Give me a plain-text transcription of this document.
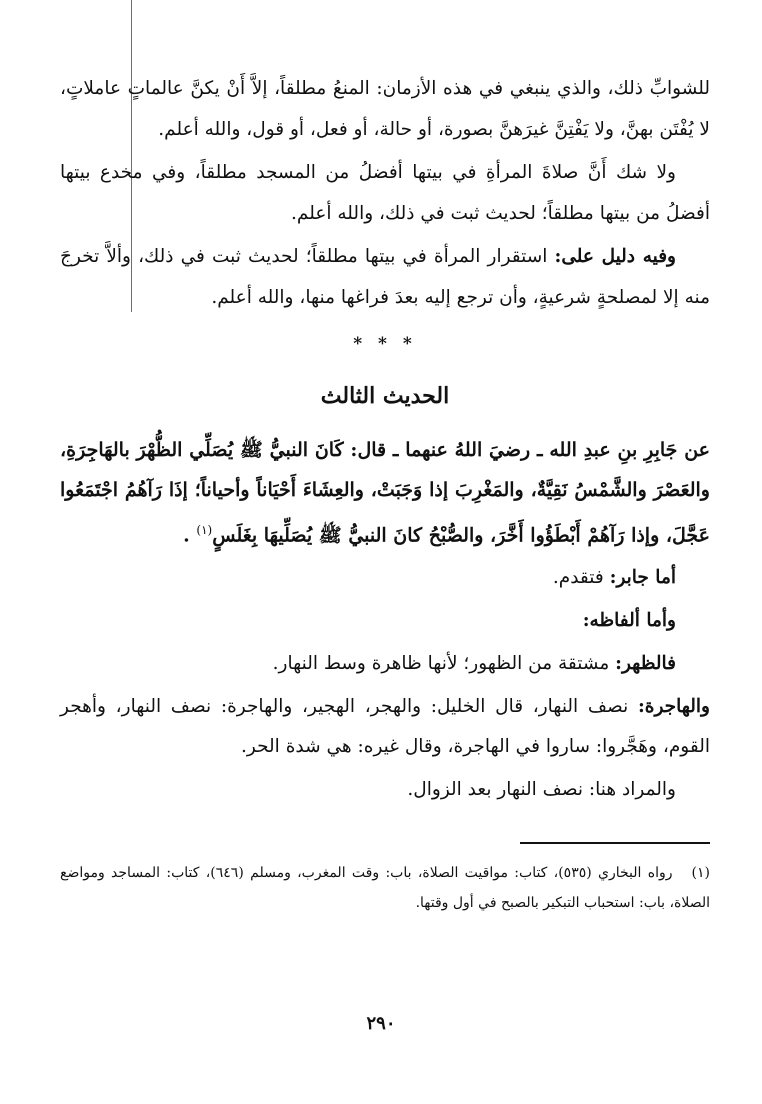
للشوابِّ ذلك، والذي ينبغي في هذه الأزمان: المنعُ مطلقاً، إلاَّ أَنْ يكنَّ عالماتٍ عاملاتٍ، لا يُفْتَن بهنَّ، ولا يَفْتِنَّ غيرَهنَّ بصورة، أو حالة، أو فعل، أو قول، والله أعلم.

ولا شك أَنَّ صلاةَ المرأةِ في بيتها أفضلُ من المسجد مطلقاً، وفي مخدع بيتها أفضلُ من بيتها مطلقاً؛ لحديث ثبت في ذلك، والله أعلم.

وفيه دليل على: استقرار المرأة في بيتها مطلقاً؛ لحديث ثبت في ذلك، وألاَّ تخرجَ منه إلا لمصلحةٍ شرعيةٍ، وأن ترجع إليه بعدَ فراغها منها، والله أعلم.

* * *
الحديث الثالث

عن جَابِرِ بنِ عبدِ الله ـ رضيَ اللهُ عنهما ـ قال: كَانَ النبيُّ ﷺ يُصَلِّي الظُّهْرَ بالهَاجِرَةِ، والعَصْرَ والشَّمْسُ نَقِيَّةٌ، والمَغْرِبَ إذا وَجَبَتْ، والعِشَاءَ أَحْيَاناً وأحياناً؛ إذَا رَآهُمُ اجْتَمَعُوا عَجَّلَ، وإذا رَآهُمْ أَبْطَؤُوا أَخَّرَ، والصُّبْحُ كانَ النبيُّ ﷺ يُصَلِّيهَا بِغَلَسٍ$^{(١)}$ .

أما جابر: فتقدم.

وأما ألفاظه:

فالظهر: مشتقة من الظهور؛ لأنها ظاهرة وسط النهار.

والهاجرة: نصف النهار، قال الخليل: والهجر، الهجير، والهاجرة: نصف النهار، وأهجر القوم، وهَجَّروا: ساروا في الهاجرة، وقال غيره: هي شدة الحر.

والمراد هنا: نصف النهار بعد الزوال.

(١)   رواه البخاري (٥٣٥)، كتاب: مواقيت الصلاة، باب: وقت المغرب، ومسلم (٦٤٦)، كتاب: المساجد ومواضع الصلاة، باب: استحباب التبكير بالصبح في أول وقتها.

٢٩٠
